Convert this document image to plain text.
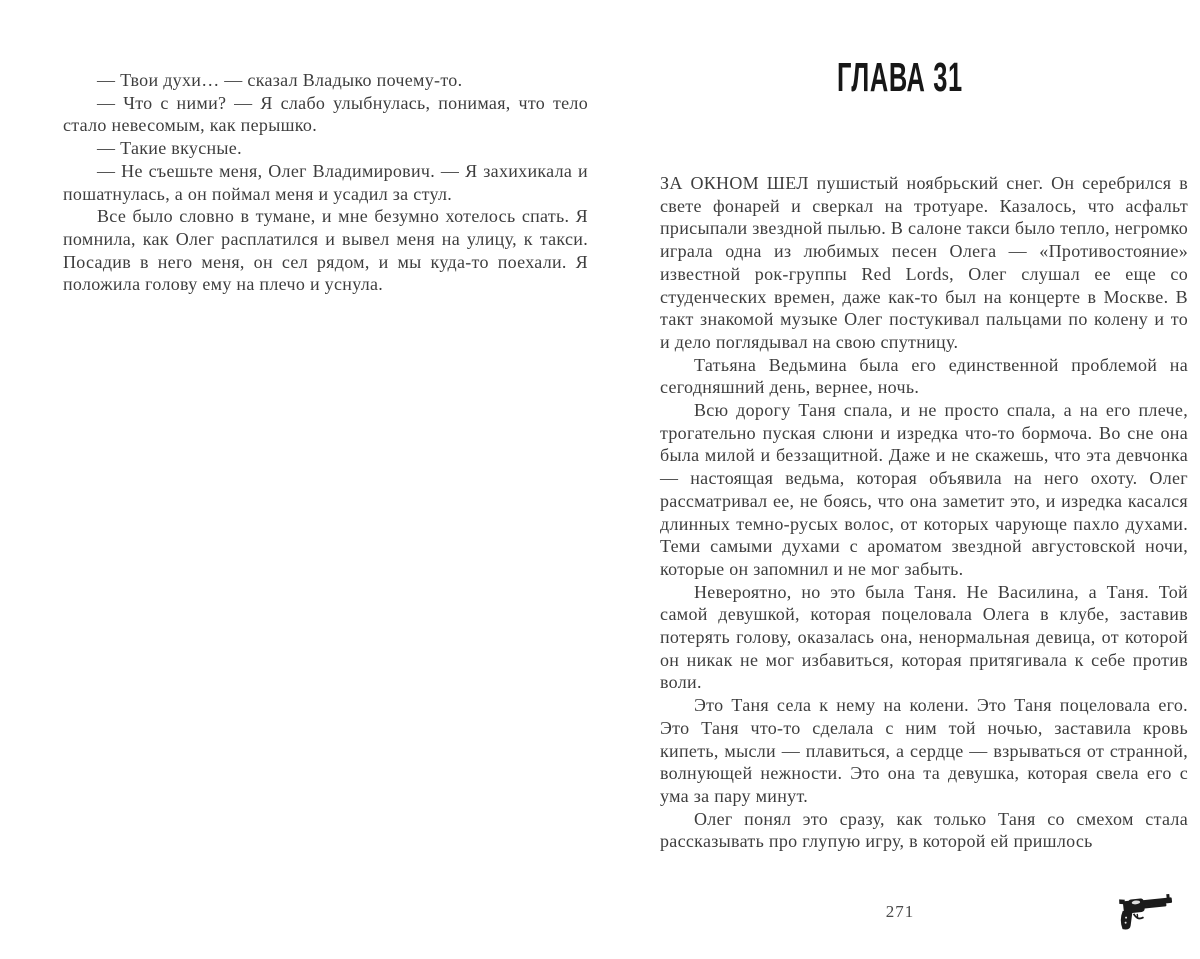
— Твои духи… — сказал Владыко почему-то.

— Что с ними? — Я слабо улыбнулась, понимая, что тело стало невесомым, как перышко.

— Такие вкусные.

— Не съешьте меня, Олег Владимирович. — Я захихикала и пошатнулась, а он поймал меня и усадил за стул.

Все было словно в тумане, и мне безумно хотелось спать. Я помнила, как Олег расплатился и вывел меня на улицу, к такси. Посадив в него меня, он сел рядом, и мы куда-то поехали. Я положила голову ему на плечо и уснула.

ГЛАВА 31

ЗА ОКНОМ ШЕЛ пушистый ноябрьский снег. Он серебрился в свете фонарей и сверкал на тротуаре. Казалось, что асфальт присыпали звездной пылью. В салоне такси было тепло, негромко играла одна из любимых песен Олега — «Противостояние» известной рок-группы Red Lords, Олег слушал ее еще со студенческих времен, даже как-то был на концерте в Москве. В такт знакомой музыке Олег постукивал пальцами по колену и то и дело поглядывал на свою спутницу.

Татьяна Ведьмина была его единственной проблемой на сегодняшний день, вернее, ночь.

Всю дорогу Таня спала, и не просто спала, а на его плече, трогательно пуская слюни и изредка что-то бормоча. Во сне она была милой и беззащитной. Даже и не скажешь, что эта девчонка — настоящая ведьма, которая объявила на него охоту. Олег рассматривал ее, не боясь, что она заметит это, и изредка касался длинных темно-русых волос, от которых чарующе пахло духами. Теми самыми духами с ароматом звездной августовской ночи, которые он запомнил и не мог забыть.

Невероятно, но это была Таня. Не Василина, а Таня. Той самой девушкой, которая поцеловала Олега в клубе, заставив потерять голову, оказалась она, ненормальная девица, от которой он никак не мог избавиться, которая притягивала к себе против воли.

Это Таня села к нему на колени. Это Таня поцеловала его. Это Таня что-то сделала с ним той ночью, заставила кровь кипеть, мысли — плавиться, а сердце — взрываться от странной, волнующей нежности. Это она та девушка, которая свела его с ума за пару минут.

Олег понял это сразу, как только Таня со смехом стала рассказывать про глупую игру, в которой ей пришлось

271
